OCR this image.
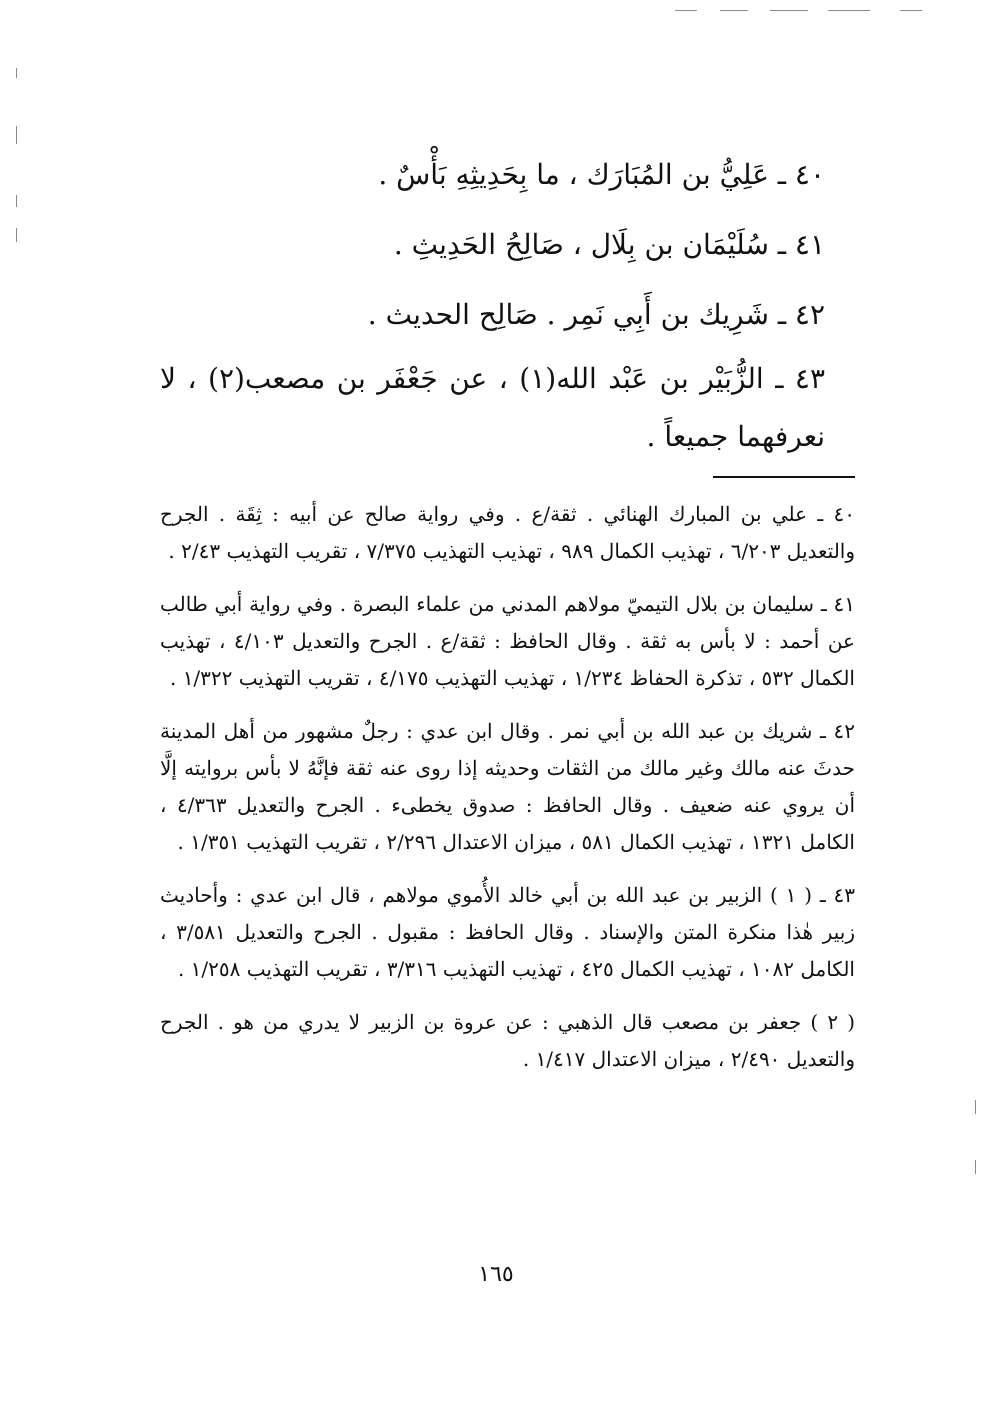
٤٠ ـ عَلِيُّ بن المُبَارَك ، ما بِحَدِيثِهِ بَأْسٌ .

٤١ ـ سُلَيْمَان بن بِلَال ، صَالِحُ الحَدِيثِ .

٤٢ ـ شَرِيك بن أَبِي نَمِر . صَالِح الحديث .

٤٣ ـ الزُّبَيْر بن عَبْد الله(١) ، عن جَعْفَر بن مصعب(٢) ، لا نعرفهما جميعاً .

٤٠ ـ علي بن المبارك الهنائي . ثقة/ع . وفي رواية صالح عن أبيه : ثِقَة . الجرح والتعديل ٦/٢٠٣ ، تهذيب الكمال ٩٨٩ ، تهذيب التهذيب ٧/٣٧٥ ، تقريب التهذيب ٢/٤٣ .

٤١ ـ سليمان بن بلال التيميّ مولاهم المدني من علماء البصرة . وفي رواية أبي طالب عن أحمد : لا بأس به ثقة . وقال الحافظ : ثقة/ع . الجرح والتعديل ٤/١٠٣ ، تهذيب الكمال ٥٣٢ ، تذكرة الحفاظ ١/٢٣٤ ، تهذيب التهذيب ٤/١٧٥ ، تقريب التهذيب ١/٣٢٢ .

٤٢ ـ شريك بن عبد الله بن أبي نمر . وقال ابن عدي : رجلٌ مشهور من أهل المدينة حدثَ عنه مالك وغير مالك من الثقات وحديثه إذا روى عنه ثقة فإنَّهُ لا بأس بروايته إلَّا أن يروي عنه ضعيف . وقال الحافظ : صدوق يخطىء . الجرح والتعديل ٤/٣٦٣ ، الكامل ١٣٢١ ، تهذيب الكمال ٥٨١ ، ميزان الاعتدال ٢/٢٩٦ ، تقريب التهذيب ١/٣٥١ .

٤٣ ـ ( ١ ) الزبير بن عبد الله بن أبي خالد الأُموي مولاهم ، قال ابن عدي : وأحاديث زبير هٰذا منكرة المتن والإسناد . وقال الحافظ : مقبول . الجرح والتعديل ٣/٥٨١ ، الكامل ١٠٨٢ ، تهذيب الكمال ٤٢٥ ، تهذيب التهذيب ٣/٣١٦ ، تقريب التهذيب ١/٢٥٨ .

( ٢ ) جعفر بن مصعب قال الذهبي : عن عروة بن الزبير لا يدري من هو . الجرح والتعديل ٢/٤٩٠ ، ميزان الاعتدال ١/٤١٧ .

١٦٥
